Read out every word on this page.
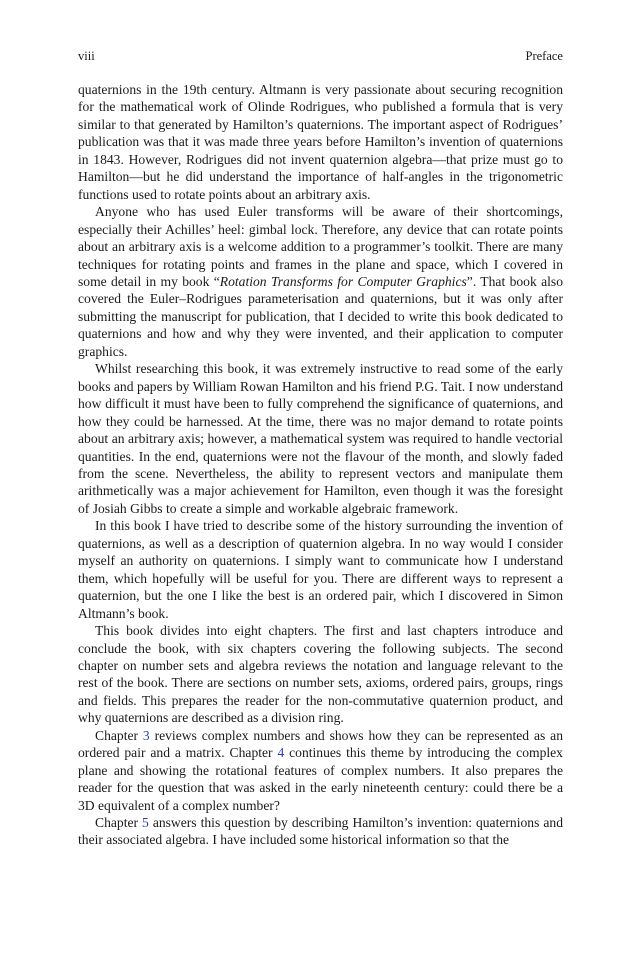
viii	Preface

quaternions in the 19th century. Altmann is very passionate about securing recognition for the mathematical work of Olinde Rodrigues, who published a formula that is very similar to that generated by Hamilton’s quaternions. The important aspect of Rodrigues’ publication was that it was made three years before Hamilton’s invention of quaternions in 1843. However, Rodrigues did not invent quaternion algebra—that prize must go to Hamilton—but he did understand the importance of half-angles in the trigonometric functions used to rotate points about an arbitrary axis.

Anyone who has used Euler transforms will be aware of their shortcomings, especially their Achilles’ heel: gimbal lock. Therefore, any device that can rotate points about an arbitrary axis is a welcome addition to a programmer’s toolkit. There are many techniques for rotating points and frames in the plane and space, which I covered in some detail in my book “Rotation Transforms for Computer Graphics”. That book also covered the Euler–Rodrigues parameterisation and quaternions, but it was only after submitting the manuscript for publication, that I decided to write this book dedicated to quaternions and how and why they were invented, and their application to computer graphics.

Whilst researching this book, it was extremely instructive to read some of the early books and papers by William Rowan Hamilton and his friend P.G. Tait. I now understand how difficult it must have been to fully comprehend the significance of quaternions, and how they could be harnessed. At the time, there was no major demand to rotate points about an arbitrary axis; however, a mathematical system was required to handle vectorial quantities. In the end, quaternions were not the flavour of the month, and slowly faded from the scene. Nevertheless, the ability to represent vectors and manipulate them arithmetically was a major achievement for Hamilton, even though it was the foresight of Josiah Gibbs to create a simple and workable algebraic framework.

In this book I have tried to describe some of the history surrounding the invention of quaternions, as well as a description of quaternion algebra. In no way would I consider myself an authority on quaternions. I simply want to communicate how I understand them, which hopefully will be useful for you. There are different ways to represent a quaternion, but the one I like the best is an ordered pair, which I discovered in Simon Altmann’s book.

This book divides into eight chapters. The first and last chapters introduce and conclude the book, with six chapters covering the following subjects. The second chapter on number sets and algebra reviews the notation and language relevant to the rest of the book. There are sections on number sets, axioms, ordered pairs, groups, rings and fields. This prepares the reader for the non-commutative quaternion product, and why quaternions are described as a division ring.

Chapter 3 reviews complex numbers and shows how they can be represented as an ordered pair and a matrix. Chapter 4 continues this theme by introducing the complex plane and showing the rotational features of complex numbers. It also prepares the reader for the question that was asked in the early nineteenth century: could there be a 3D equivalent of a complex number?

Chapter 5 answers this question by describing Hamilton’s invention: quaternions and their associated algebra. I have included some historical information so that the
